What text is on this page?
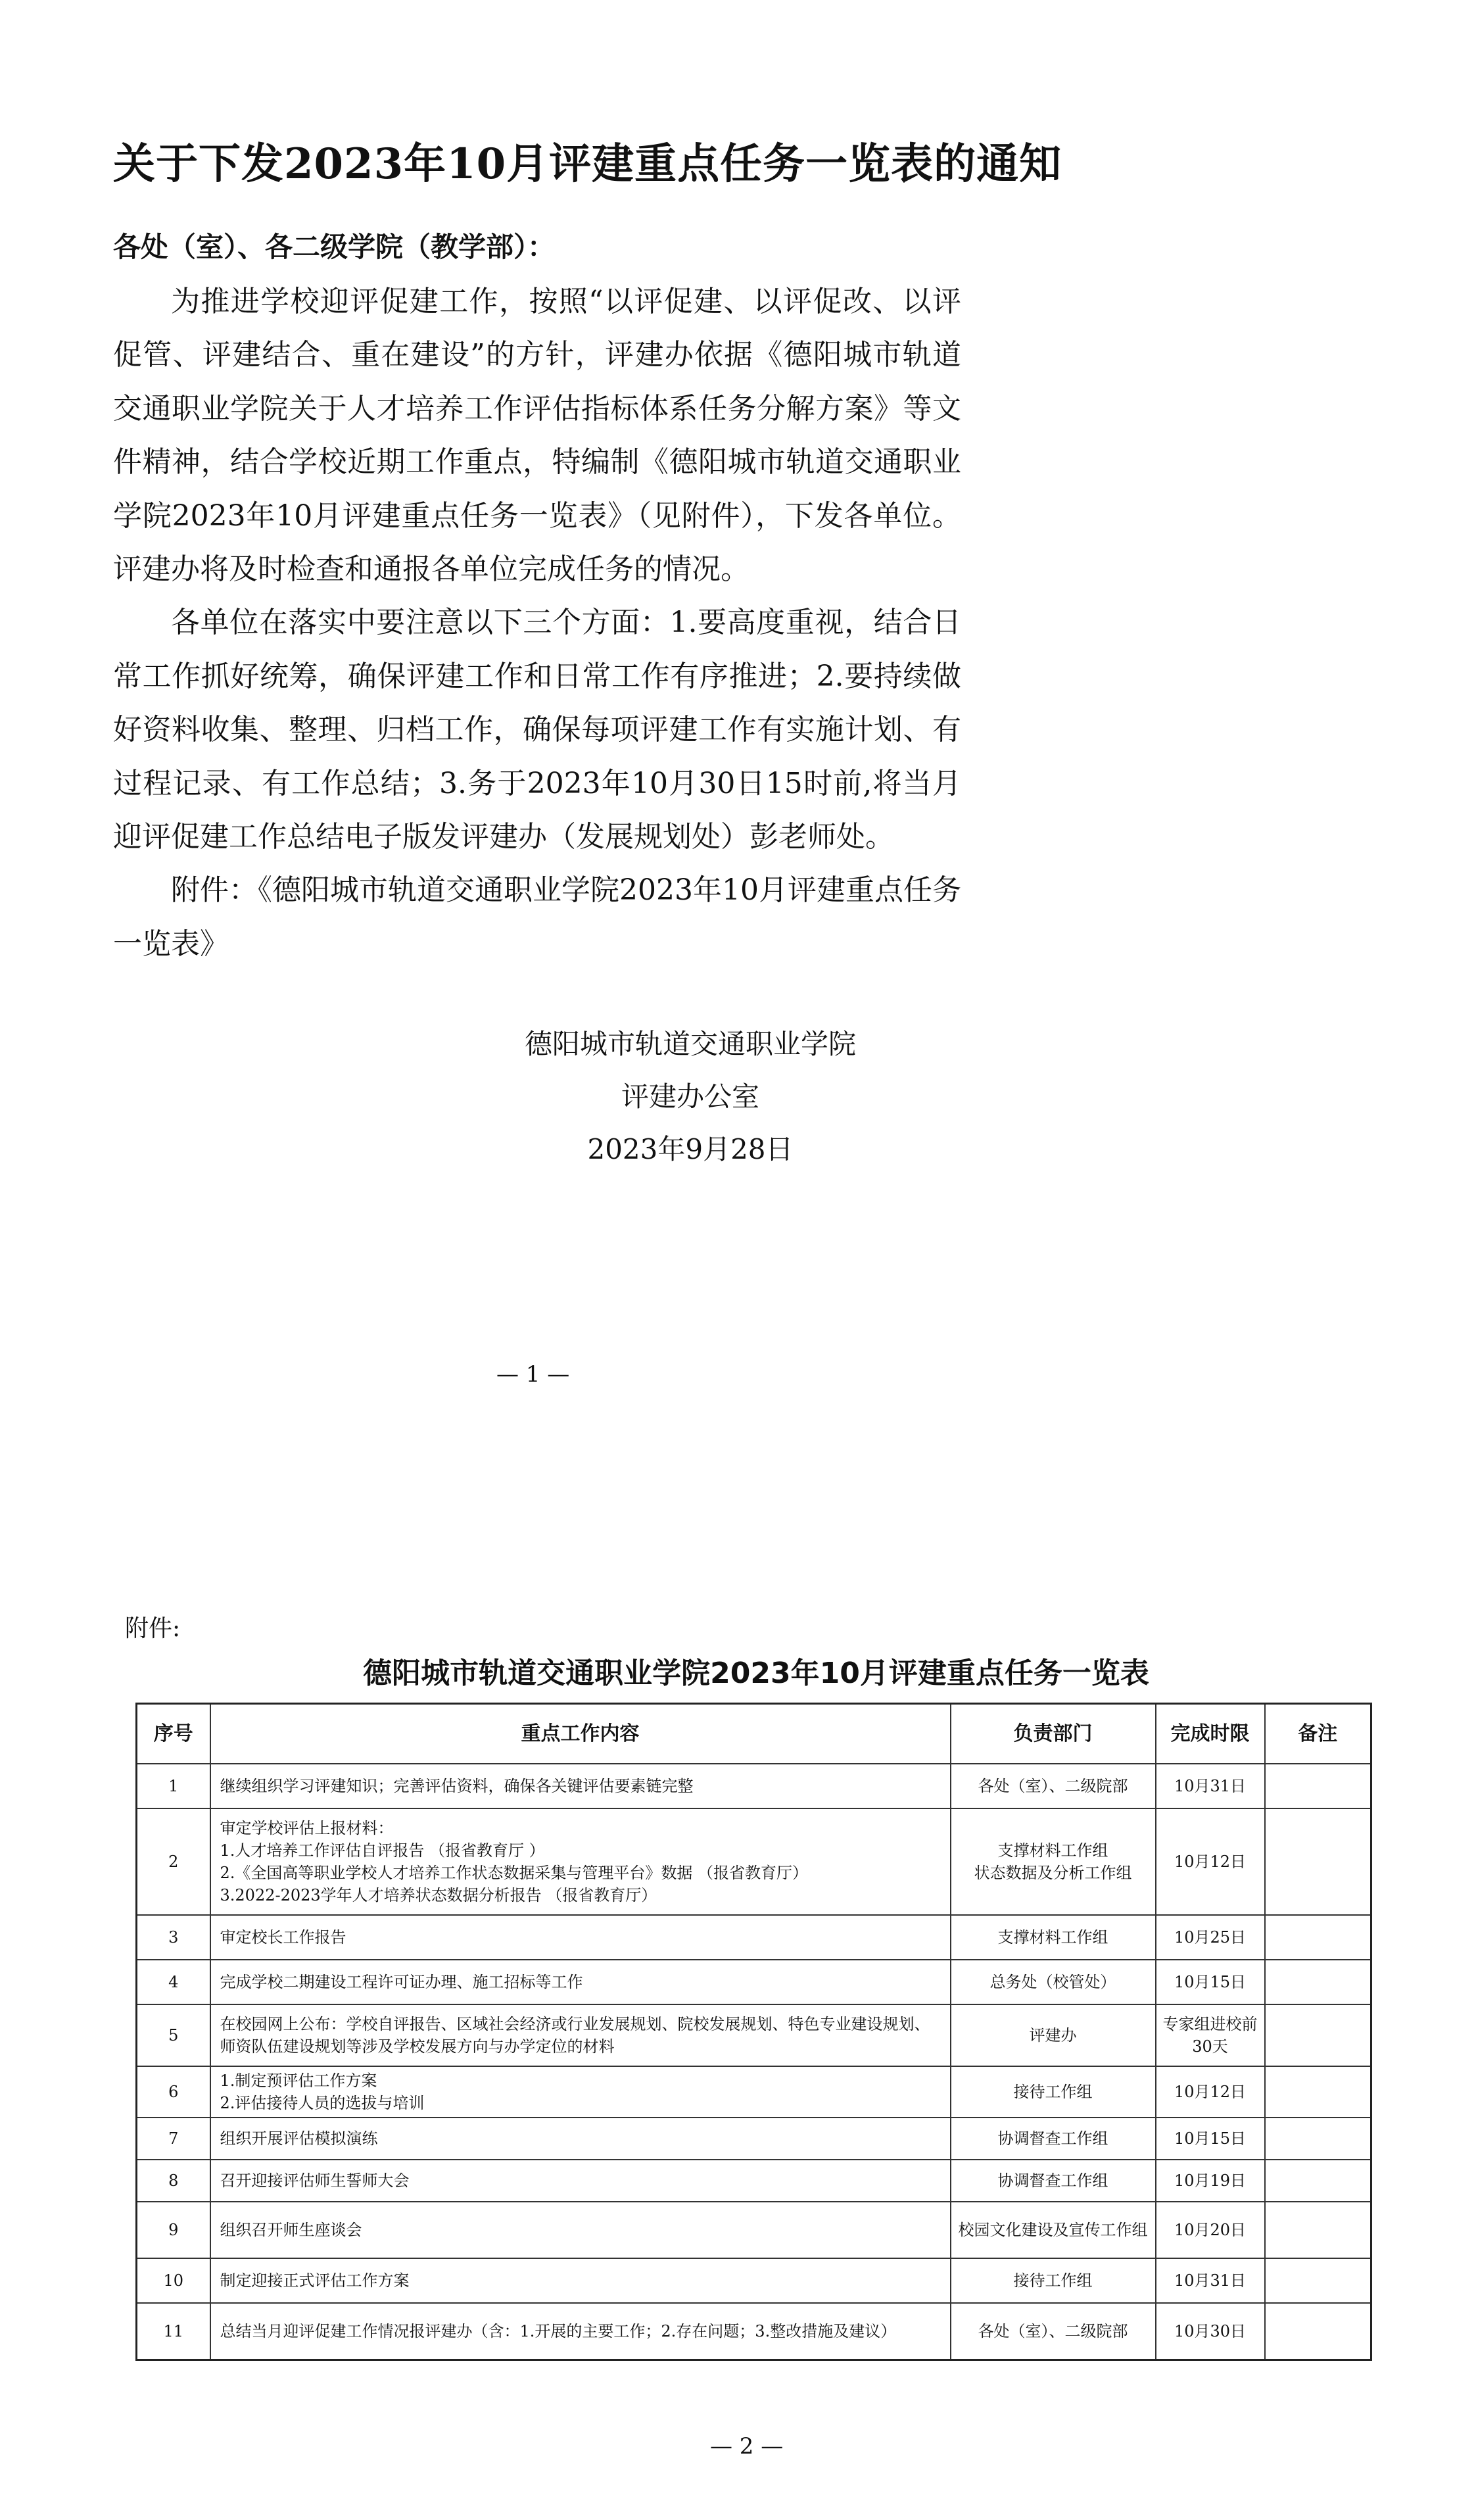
关于下发2023年10月评建重点任务一览表的通知
各处（室）、各二级学院（教学部）：

为推进学校迎评促建工作，按照“以评促建、以评促改、以评促管、评建结合、重在建设”的方针，评建办依据《德阳城市轨道交通职业学院关于人才培养工作评估指标体系任务分解方案》等文件精神，结合学校近期工作重点，特编制《德阳城市轨道交通职业学院2023年10月评建重点任务一览表》（见附件），下发各单位。评建办将及时检查和通报各单位完成任务的情况。

各单位在落实中要注意以下三个方面：1.要高度重视，结合日常工作抓好统筹，确保评建工作和日常工作有序推进；2.要持续做好资料收集、整理、归档工作，确保每项评建工作有实施计划、有过程记录、有工作总结；3.务于2023年10月30日15时前,将当月迎评促建工作总结电子版发评建办（发展规划处）彭老师处。

附件：《德阳城市轨道交通职业学院2023年10月评建重点任务一览表》

德阳城市轨道交通职业学院
评建办公室
2023年9月28日
— 1 —
附件:
德阳城市轨道交通职业学院2023年10月评建重点任务一览表
序号	重点工作内容	负责部门	完成时限	备注
1	继续组织学习评建知识；完善评估资料，确保各关键评估要素链完整	各处（室）、二级院部	10月31日	
2	审定学校评估上报材料：
1.人才培养工作评估自评报告 （报省教育厅 ）
2.《全国高等职业学校人才培养工作状态数据采集与管理平台》数据 （报省教育厅）
3.2022-2023学年人才培养状态数据分析报告 （报省教育厅）	支撑材料工作组
状态数据及分析工作组	10月12日	
3	审定校长工作报告	支撑材料工作组	10月25日	
4	完成学校二期建设工程许可证办理、施工招标等工作	总务处（校管处）	10月15日	
5	在校园网上公布：学校自评报告、区域社会经济或行业发展规划、院校发展规划、特色专业建设规划、师资队伍建设规划等涉及学校发展方向与办学定位的材料	评建办	专家组进校前30天	
6	1.制定预评估工作方案
2.评估接待人员的选拔与培训	接待工作组	10月12日	
7	组织开展评估模拟演练	协调督查工作组	10月15日	
8	召开迎接评估师生誓师大会	协调督查工作组	10月19日	
9	组织召开师生座谈会	校园文化建设及宣传工作组	10月20日	
10	制定迎接正式评估工作方案	接待工作组	10月31日	
11	总结当月迎评促建工作情况报评建办（含：1.开展的主要工作；2.存在问题；3.整改措施及建议）	各处（室）、二级院部	10月30日	
— 2 —
